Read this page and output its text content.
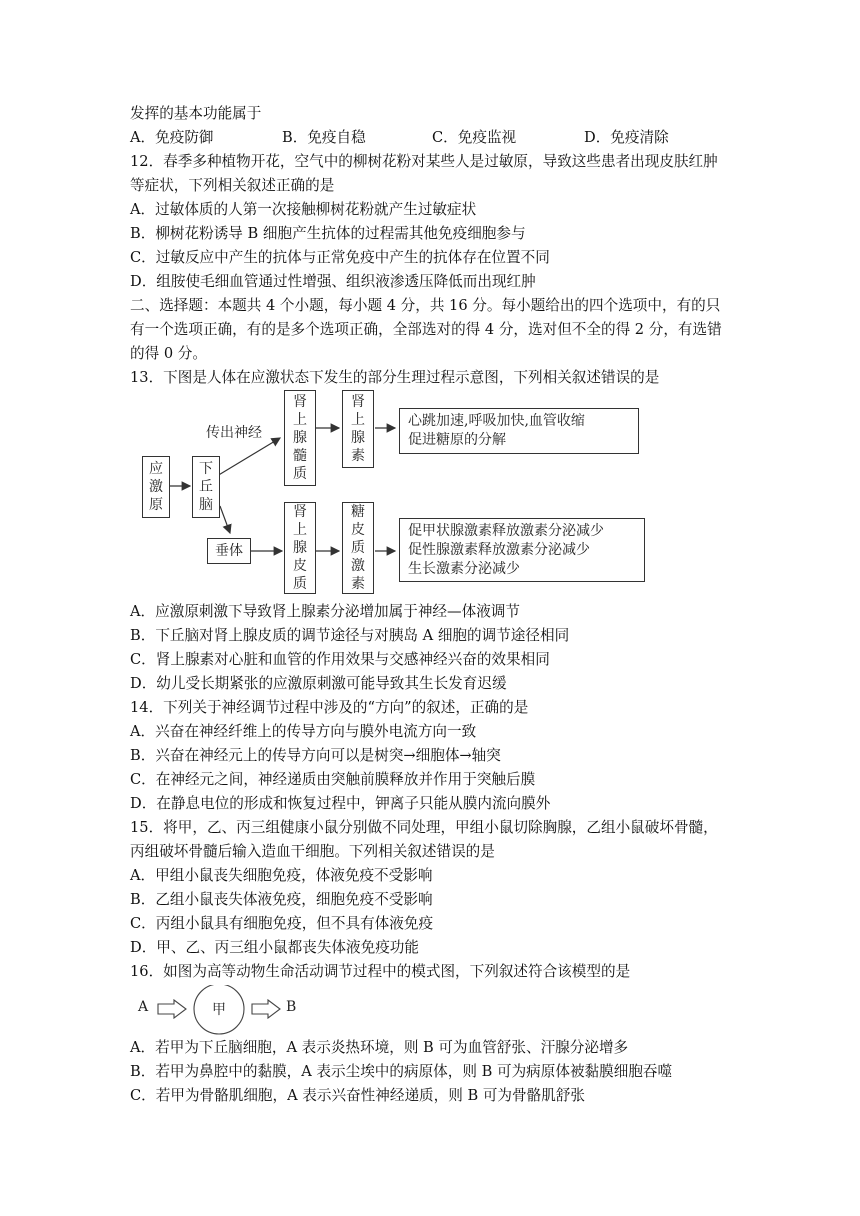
发挥的基本功能属于
A．免疫防御	B．免疫自稳	C．免疫监视	D．免疫清除
12．春季多种植物开花，空气中的柳树花粉对某些人是过敏原，导致这些患者出现皮肤红肿
等症状，下列相关叙述正确的是
A．过敏体质的人第一次接触柳树花粉就产生过敏症状
B．柳树花粉诱导 B 细胞产生抗体的过程需其他免疫细胞参与
C．过敏反应中产生的抗体与正常免疫中产生的抗体存在位置不同
D．组胺使毛细血管通过性增强、组织液渗透压降低而出现红肿
二、选择题：本题共 4 个小题，每小题 4 分，共 16 分。每小题给出的四个选项中，有的只
有一个选项正确，有的是多个选项正确，全部选对的得 4 分，选对但不全的得 2 分，有选错
的得 0 分。
13．下图是人体在应激状态下发生的部分生理过程示意图，下列相关叙述错误的是
应
激
原
下
丘
脑
传出神经
肾
上
腺
髓
质
肾
上
腺
素
心跳加速,呼吸加快,血管收缩
促进糖原的分解
垂体
肾
上
腺
皮
质
糖
皮
质
激
素
促甲状腺激素释放激素分泌减少
促性腺激素释放激素分泌减少
生长激素分泌减少
A．应激原刺激下导致肾上腺素分泌增加属于神经—体液调节
B．下丘脑对肾上腺皮质的调节途径与对胰岛 A 细胞的调节途径相同
C．肾上腺素对心脏和血管的作用效果与交感神经兴奋的效果相同
D．幼儿受长期紧张的应激原刺激可能导致其生长发育迟缓
14．下列关于神经调节过程中涉及的“方向”的叙述，正确的是
A．兴奋在神经纤维上的传导方向与膜外电流方向一致
B．兴奋在神经元上的传导方向可以是树突→细胞体→轴突
C．在神经元之间，神经递质由突触前膜释放并作用于突触后膜
D．在静息电位的形成和恢复过程中，钾离子只能从膜内流向膜外
15．将甲，乙、丙三组健康小鼠分别做不同处理，甲组小鼠切除胸腺，乙组小鼠破坏骨髓，
丙组破坏骨髓后输入造血干细胞。下列相关叙述错误的是
A．甲组小鼠丧失细胞免疫，体液免疫不受影响
B．乙组小鼠丧失体液免疫，细胞免疫不受影响
C．丙组小鼠具有细胞免疫，但不具有体液免疫
D．甲、乙、丙三组小鼠都丧失体液免疫功能
16．如图为高等动物生命活动调节过程中的模式图，下列叙述符合该模型的是
A	甲	B
A．若甲为下丘脑细胞，A 表示炎热环境，则 B 可为血管舒张、汗腺分泌增多
B．若甲为鼻腔中的黏膜，A 表示尘埃中的病原体，则 B 可为病原体被黏膜细胞吞噬
C．若甲为骨骼肌细胞，A 表示兴奋性神经递质，则 B 可为骨骼肌舒张
